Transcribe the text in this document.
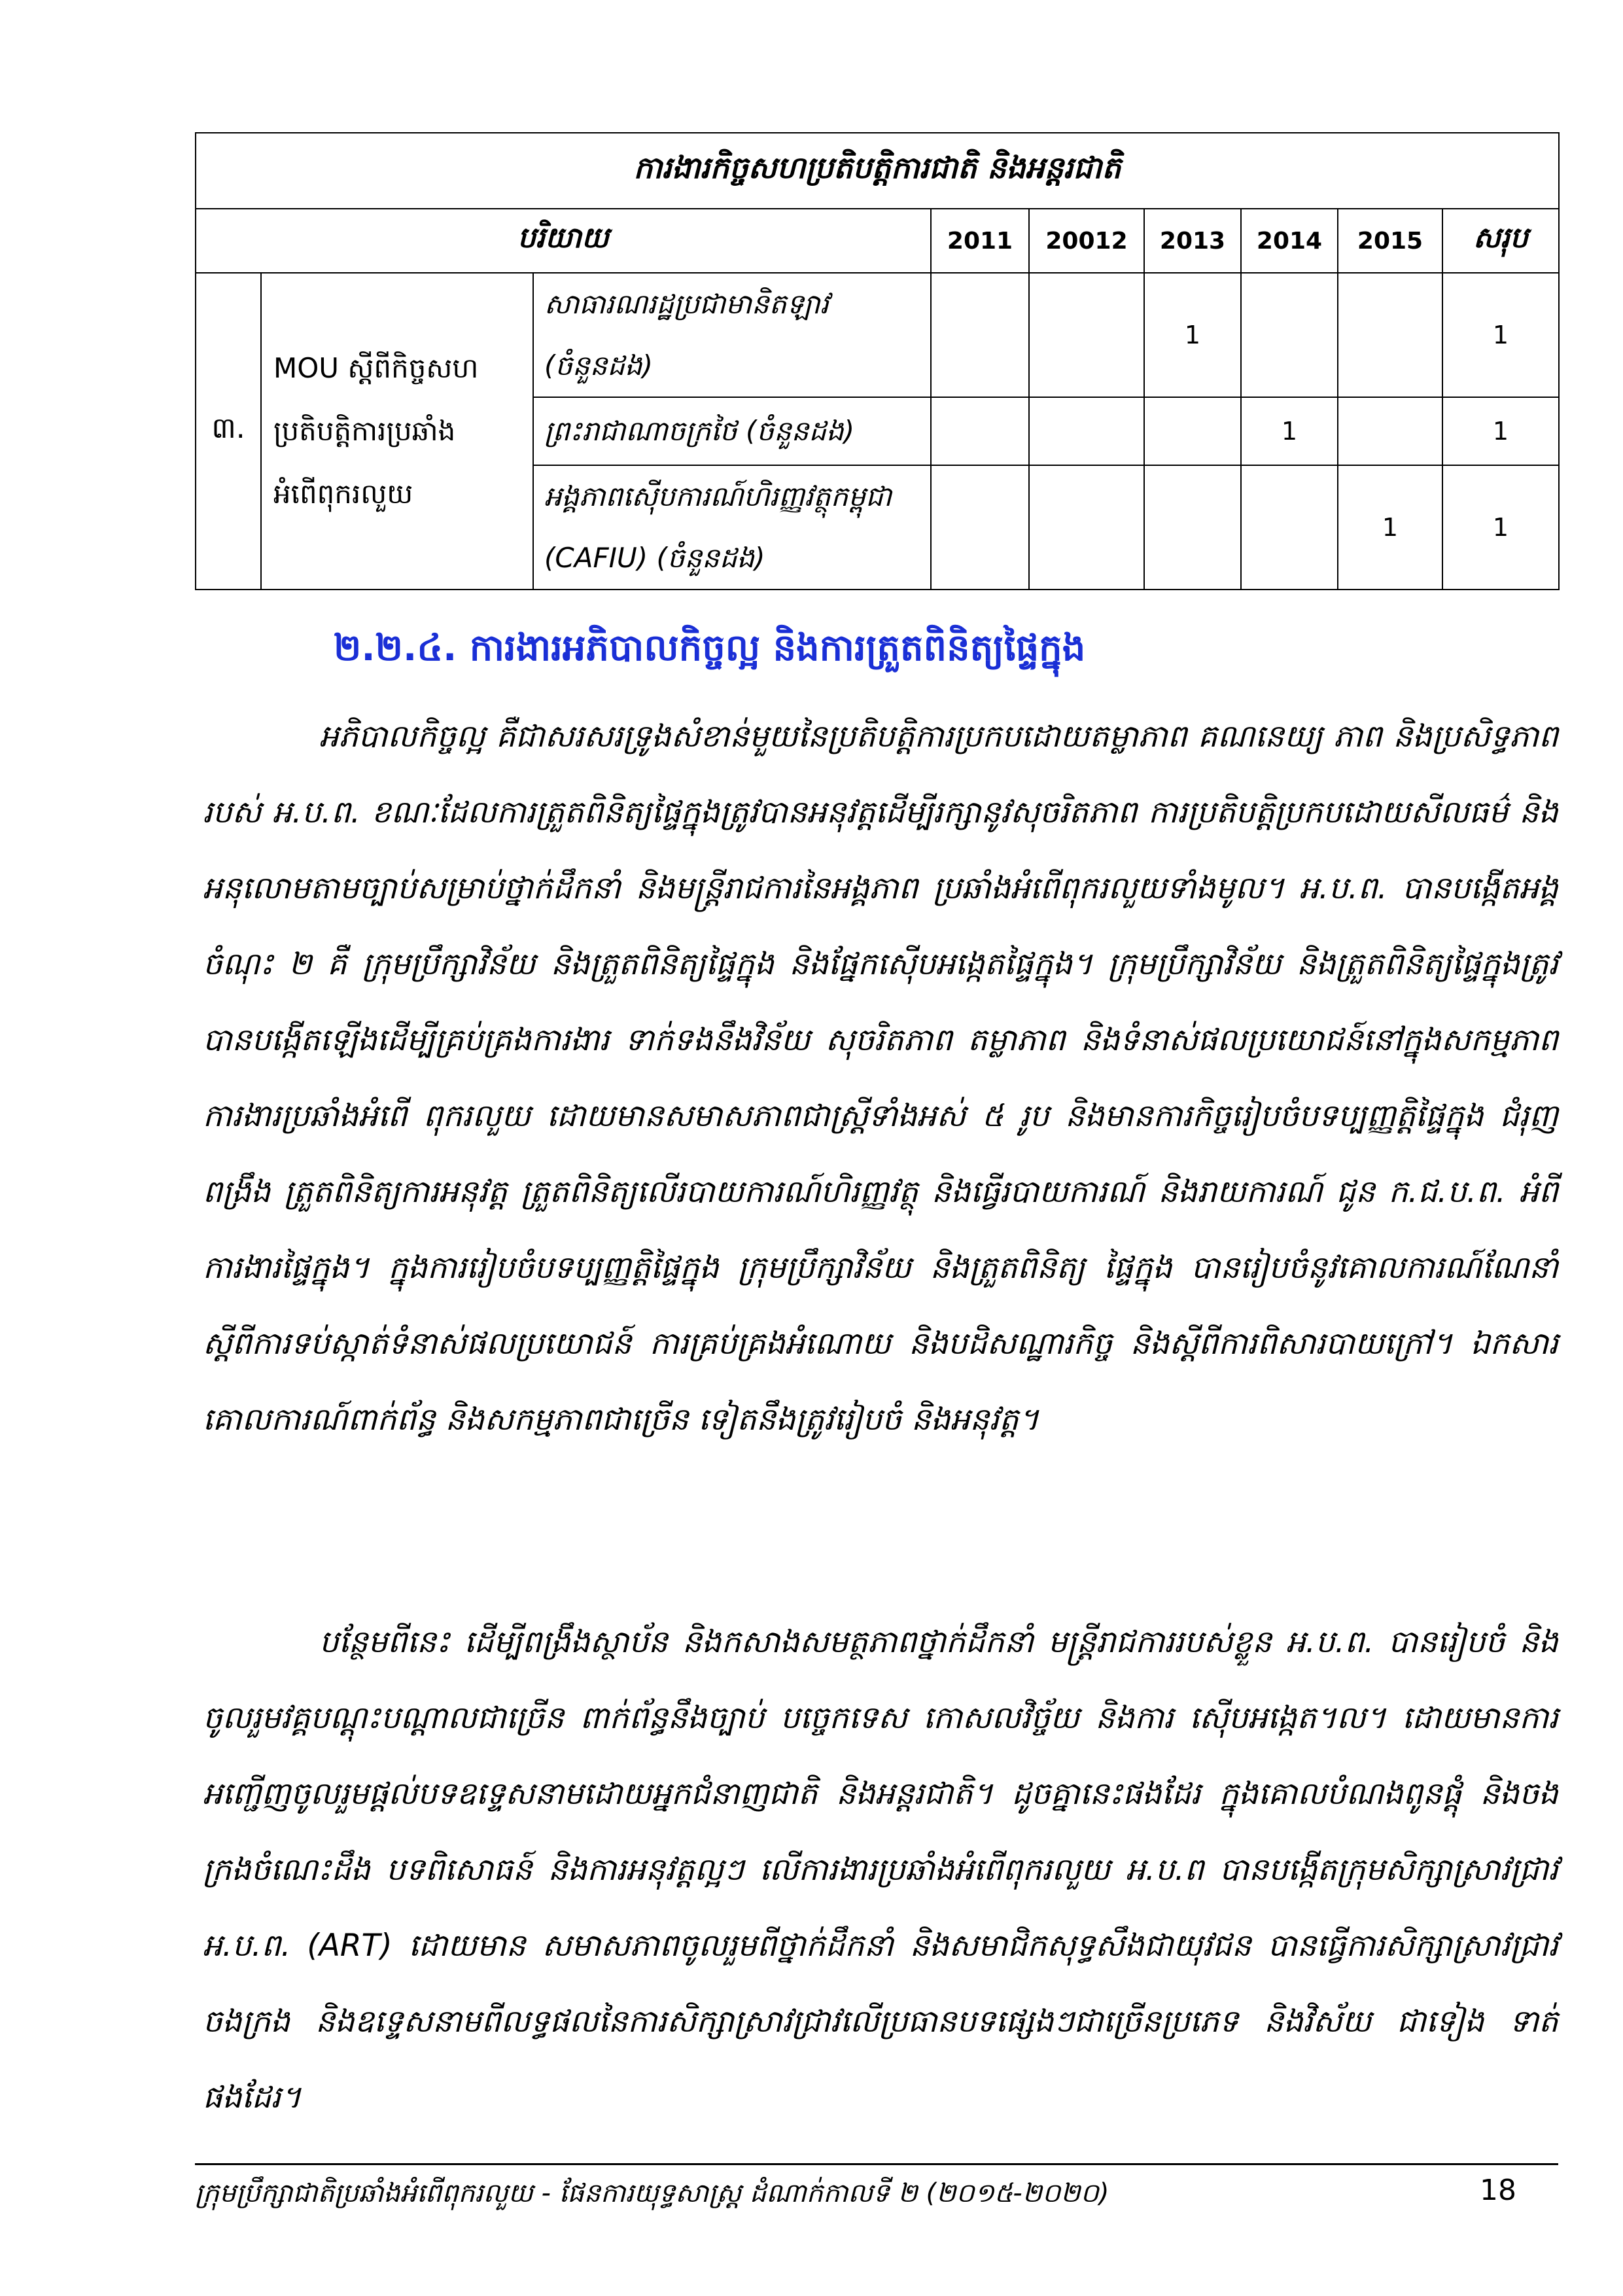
ការងារកិច្ចសហប្រតិបត្តិការជាតិ និងអន្តរជាតិ								
បរិយាយ			2011	20012	2013	2014	2015	សរុប
៣.	MOU ស្តីពីកិច្ចសហប្រតិបត្តិការប្រឆាំងអំពើពុករលួយ	សាធារណរដ្ឋប្រជាមានិតឡាវ (ចំនួនដង)			1			1
		ព្រះរាជាណាចក្រថៃ (ចំនួនដង)				1		1
		អង្គភាពស៊ើបការណ៍ហិរញ្ញវត្ថុកម្ពុជា (CAFIU) (ចំនួនដង)					1	1
២.២.៤. ការងារអភិបាលកិច្ចល្អ និងការត្រួតពិនិត្យផ្ទៃក្នុង

អភិបាលកិច្ចល្អ គឺជាសរសរទ្រូងសំខាន់មួយនៃប្រតិបត្តិការប្រកបដោយតម្លាភាព គណនេយ្យ ភាព និងប្រសិទ្ធភាពរបស់ អ.ប.ព. ខណៈដែលការត្រួតពិនិត្យផ្ទៃក្នុងត្រូវបានអនុវត្តដើម្បីរក្សានូវសុចរិតភាព ការប្រតិបត្តិប្រកបដោយសីលធម៌ និងអនុលោមតាមច្បាប់សម្រាប់ថ្នាក់ដឹកនាំ និងមន្ត្រីរាជការនៃអង្គភាព ប្រឆាំងអំពើពុករលួយទាំងមូល។ អ.ប.ព. បានបង្កើតអង្គចំណុះ ២ គឺ ក្រុមប្រឹក្សាវិន័យ និងត្រួតពិនិត្យផ្ទៃក្នុង និងផ្នែកស៊ើបអង្កេតផ្ទៃក្នុង។ ក្រុមប្រឹក្សាវិន័យ និងត្រួតពិនិត្យផ្ទៃក្នុងត្រូវបានបង្កើតឡើងដើម្បីគ្រប់គ្រងការងារ ទាក់ទងនឹងវិន័យ សុចរិតភាព តម្លាភាព និងទំនាស់ផលប្រយោជន៍នៅក្នុងសកម្មភាពការងារប្រឆាំងអំពើ ពុករលួយ ដោយមានសមាសភាពជាស្ត្រីទាំងអស់ ៥ រូប និងមានការកិច្ចរៀបចំបទប្បញ្ញត្តិផ្ទៃក្នុង ជំរុញ ពង្រឹង ត្រួតពិនិត្យការអនុវត្ត ត្រួតពិនិត្យលើរបាយការណ៍ហិរញ្ញវត្ថុ និងធ្វើរបាយការណ៍ និងរាយការណ៍ ជូន ក.ជ.ប.ព. អំពីការងារផ្ទៃក្នុង។ ក្នុងការរៀបចំបទប្បញ្ញត្តិផ្ទៃក្នុង ក្រុមប្រឹក្សាវិន័យ និងត្រួតពិនិត្យ ផ្ទៃក្នុង បានរៀបចំនូវគោលការណ៍ណែនាំស្តីពីការទប់ស្កាត់ទំនាស់ផលប្រយោជន៍ ការគ្រប់គ្រងអំណោយ និងបដិសណ្ឋារកិច្ច និងស្តីពីការពិសារបាយក្រៅ។ ឯកសារគោលការណ៍ពាក់ព័ន្ធ និងសកម្មភាពជាច្រើន ទៀតនឹងត្រូវរៀបចំ និងអនុវត្ត។

បន្ថែមពីនេះ ដើម្បីពង្រឹងស្ថាប័ន និងកសាងសមត្ថភាពថ្នាក់ដឹកនាំ មន្ត្រីរាជការរបស់ខ្លួន អ.ប.ព. បានរៀបចំ និងចូលរួមវគ្គបណ្តុះបណ្តាលជាច្រើន ពាក់ព័ន្ធនឹងច្បាប់ បច្ចេកទេស កោសលវិច្ច័យ និងការ ស៊ើបអង្កេត។ល។ ដោយមានការអញ្ជើញចូលរួមផ្តល់បទឧទ្ទេសនាមដោយអ្នកជំនាញជាតិ និងអន្តរជាតិ។ ដូចគ្នានេះផងដែរ ក្នុងគោលបំណងពូនផ្តុំ និងចងក្រងចំណេះដឹង បទពិសោធន៍ និងការអនុវត្តល្អៗ លើការងារប្រឆាំងអំពើពុករលួយ អ.ប.ព បានបង្កើតក្រុមសិក្សាស្រាវជ្រាវ អ.ប.ព. (ART) ដោយមាន សមាសភាពចូលរួមពីថ្នាក់ដឹកនាំ និងសមាជិកសុទ្ធសឹងជាយុវជន បានធ្វើការសិក្សាស្រាវជ្រាវ ចងក្រង និងឧទ្ទេសនាមពីលទ្ធផលនៃការសិក្សាស្រាវជ្រាវលើប្រធានបទផ្សេងៗជាច្រើនប្រភេទ និងវិស័យ ជាទៀង ទាត់ផងដែរ។

ក្រុមប្រឹក្សាជាតិប្រឆាំងអំពើពុករលួយ - ផែនការយុទ្ធសាស្ត្រ ដំណាក់កាលទី ២ (២០១៥-២០២០)	18
